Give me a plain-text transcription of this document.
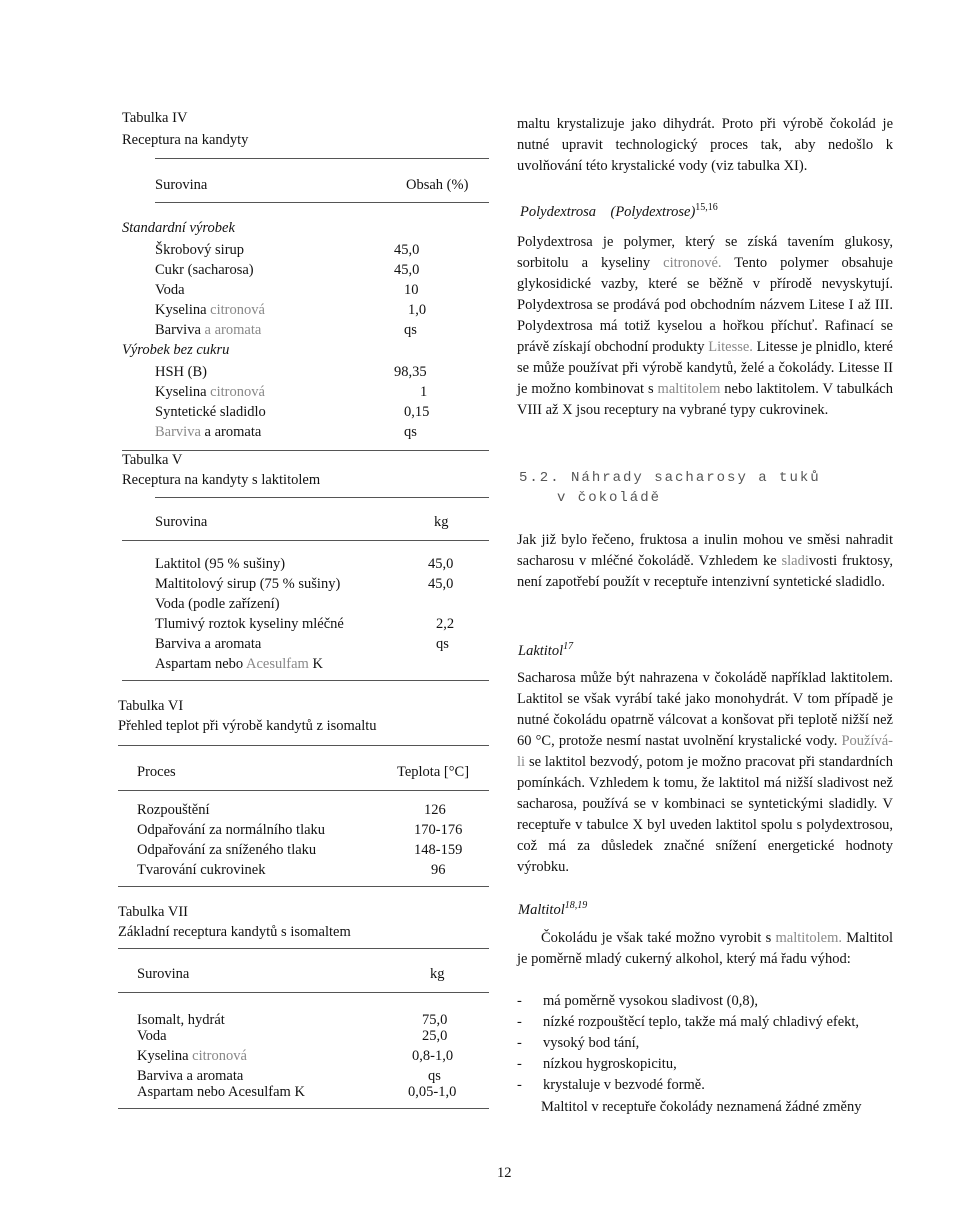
Tabulka IV
Receptura na kandyty
Surovina	Obsah (%)
Standardní výrobek
Škrobový sirup	45,0
Cukr (sacharosa)	45,0
Voda	10
Kyselina citronová	1,0
Barviva a aromata	qs
Výrobek bez cukru
HSH (B)	98,35
Kyselina citronová	1
Syntetické sladidlo	0,15
Barviva a aromata	qs
Tabulka V
Receptura na kandyty s laktitolem
Surovina	kg
Laktitol (95 % sušiny)	45,0
Maltitolový sirup (75 % sušiny)	45,0
Voda (podle zařízení)
Tlumivý roztok kyseliny mléčné	2,2
Barviva a aromata	qs
Aspartam nebo Acesulfam K
Tabulka VI
Přehled teplot při výrobě kandytů z isomaltu
Proces	Teplota [°C]
Rozpouštění	126
Odpařování za normálního tlaku	170-176
Odpařování za sníženého tlaku	148-159
Tvarování cukrovinek	96
Tabulka VII
Základní receptura kandytů s isomaltem
Surovina	kg
Isomalt, hydrát	75,0
Voda	25,0
Kyselina citronová	0,8-1,0
Barviva a aromata	qs
Aspartam nebo Acesulfam K	0,05-1,0
maltu krystalizuje jako dihydrát. Proto při výrobě čokolád je nutné upravit technologický proces tak, aby nedošlo k uvolňování této krystalické vody (viz tabulka XI).
Polydextrosa (Polydextrose)$^{15,16}$
Polydextrosa je polymer, který se získá tavením glukosy, sorbitolu a kyseliny citronové. Tento polymer obsahuje glykosidické vazby, které se běžně v přírodě nevyskytují. Polydextrosa se prodává pod obchodním názvem Litese I až III. Polydextrosa má totiž kyselou a hořkou příchuť. Rafinací se právě získají obchodní produkty Litesse. Litesse je plnidlo, které se může používat při výrobě kandytů, želé a čokolády. Litesse II je možno kombinovat s maltitolem nebo laktitolem. V tabulkách VIII až X jsou receptury na vybrané typy cukrovinek.
5.2. Náhrady sacharosy a tuků
v čokoládě
Jak již bylo řečeno, fruktosa a inulin mohou ve směsi nahradit sacharosu v mléčné čokoládě. Vzhledem ke sladivosti fruktosy, není zapotřebí použít v receptuře intenzivní syntetické sladidlo.
Laktitol$^{17}$
Sacharosa může být nahrazena v čokoládě například laktitolem. Laktitol se však vyrábí také jako monohydrát. V tom případě je nutné čokoládu opatrně válcovat a konšovat při teplotě nižší než 60 °C, protože nesmí nastat uvolnění krystalické vody. Používá-li se laktitol bezvodý, potom je možno pracovat při standardních pomínkách. Vzhledem k tomu, že laktitol má nižší sladivost než sacharosa, používá se v kombinaci se syntetickými sladidly. V receptuře v tabulce X byl uveden laktitol spolu s polydextrosou, což má za důsledek značné snížení energetické hodnoty výrobku.
Maltitol$^{18,19}$
Čokoládu je však také možno vyrobit s maltitolem. Maltitol je poměrně mladý cukerný alkohol, který má řadu výhod:
- má poměrně vysokou sladivost (0,8),
- nízké rozpouštěcí teplo, takže má malý chladivý efekt,
- vysoký bod tání,
- nízkou hygroskopicitu,
- krystaluje v bezvodé formě.
Maltitol v receptuře čokolády neznamená žádné změny
12
